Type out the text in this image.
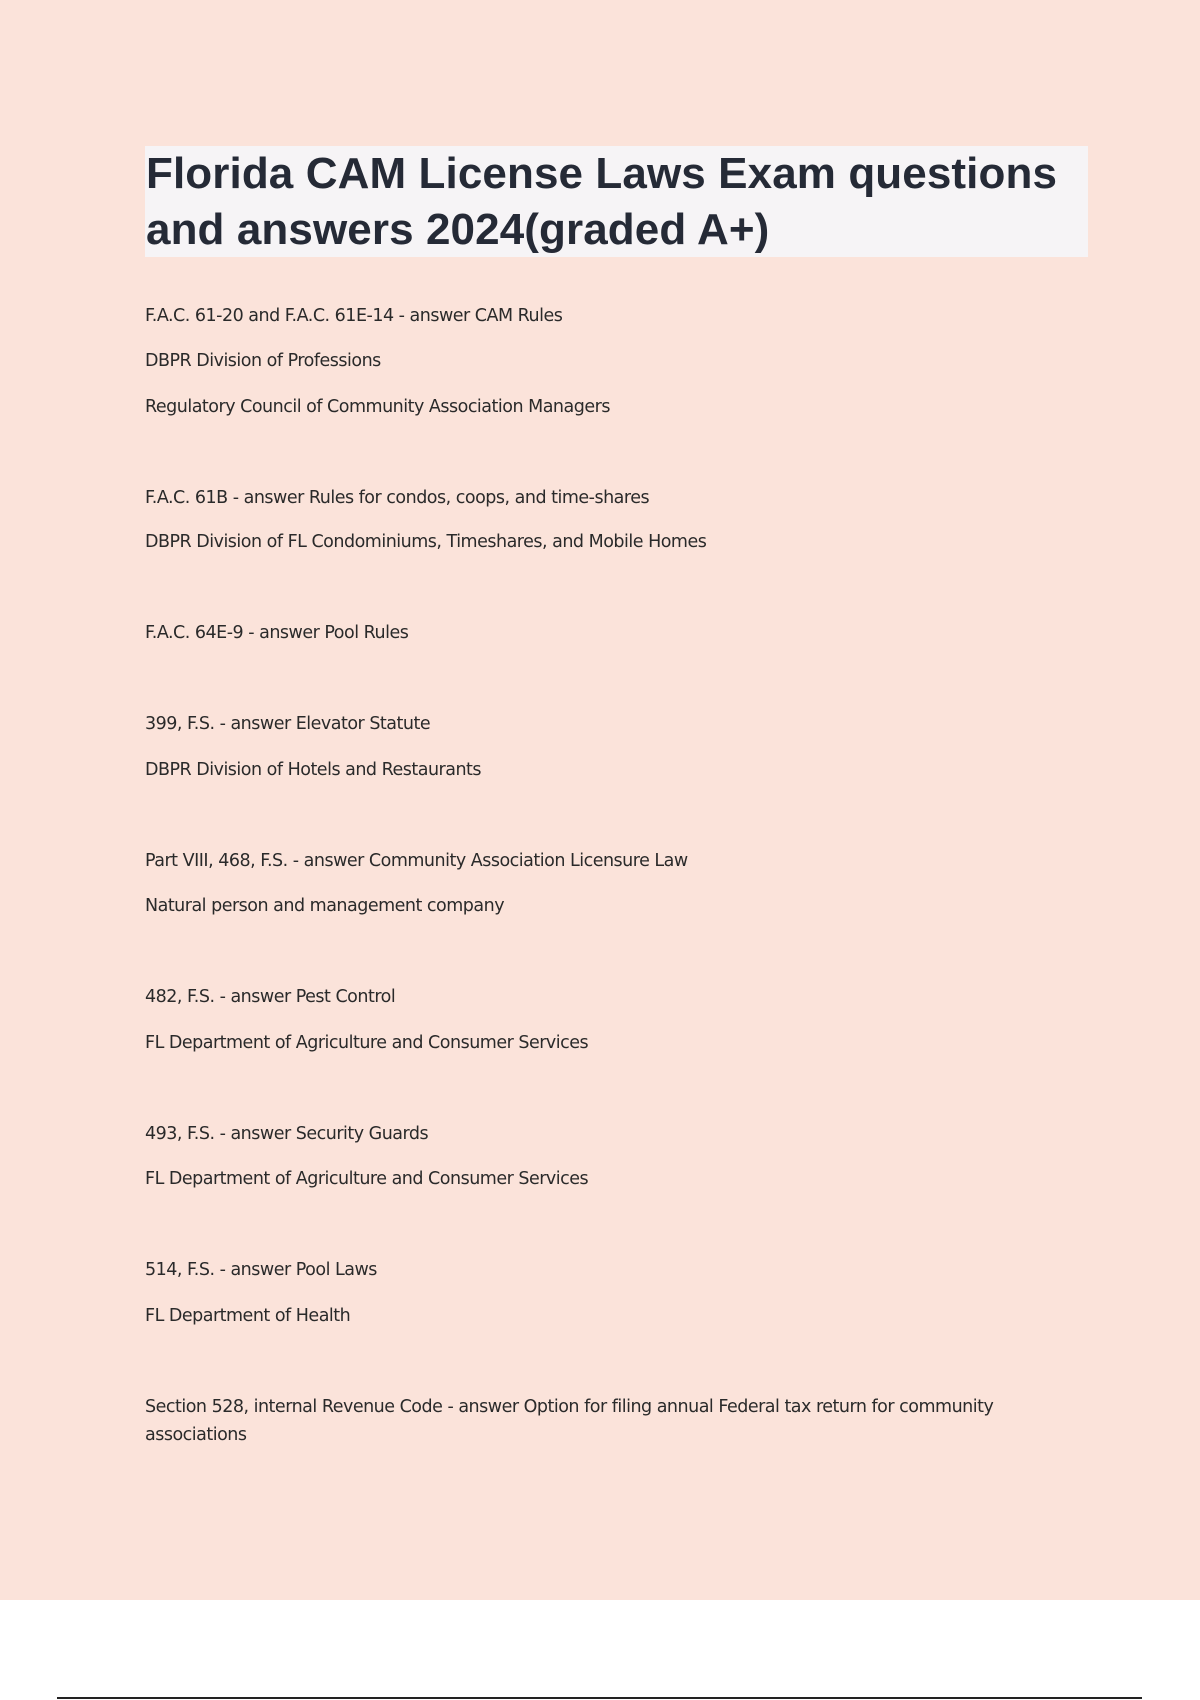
Florida CAM License Laws Exam questions and answers 2024(graded A+)

F.A.C. 61-20 and F.A.C. 61E-14 - answer CAM Rules

DBPR Division of Professions

Regulatory Council of Community Association Managers

F.A.C. 61B - answer Rules for condos, coops, and time-shares

DBPR Division of FL Condominiums, Timeshares, and Mobile Homes

F.A.C. 64E-9 - answer Pool Rules

399, F.S. - answer Elevator Statute

DBPR Division of Hotels and Restaurants

Part VIII, 468, F.S. - answer Community Association Licensure Law

Natural person and management company

482, F.S. - answer Pest Control

FL Department of Agriculture and Consumer Services

493, F.S. - answer Security Guards

FL Department of Agriculture and Consumer Services

514, F.S. - answer Pool Laws

FL Department of Health

Section 528, internal Revenue Code - answer Option for filing annual Federal tax return for community associations
